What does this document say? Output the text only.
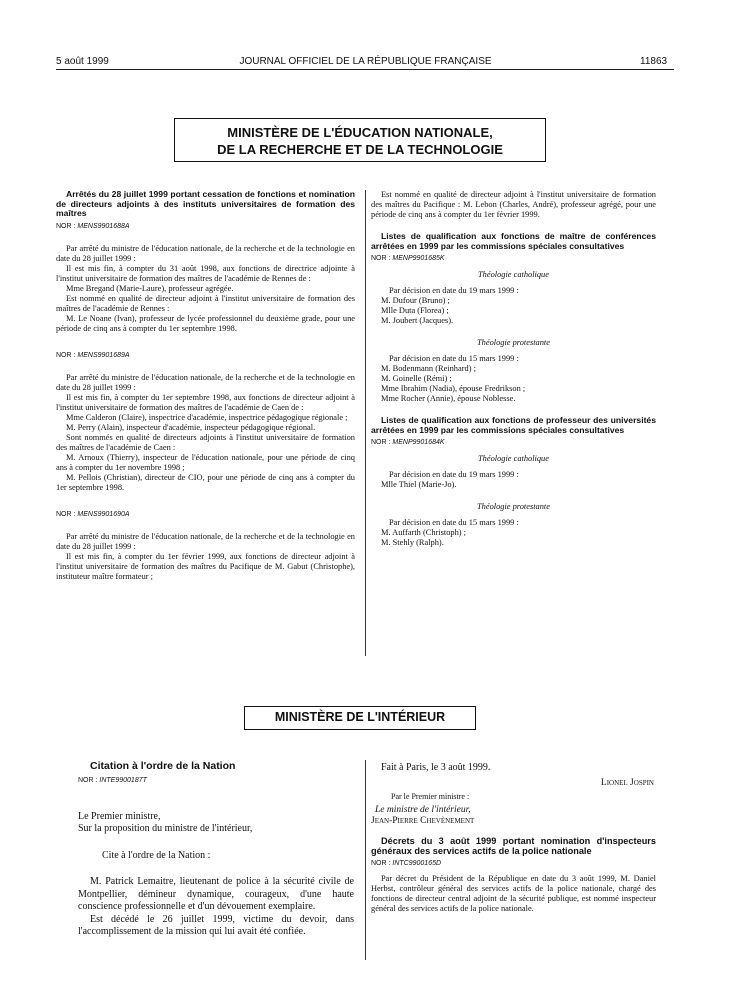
5 août 1999	JOURNAL OFFICIEL DE LA RÉPUBLIQUE FRANÇAISE	11863
MINISTÈRE DE L'ÉDUCATION NATIONALE,
DE LA RECHERCHE ET DE LA TECHNOLOGIE

Arrêtés du 28 juillet 1999 portant cessation de fonctions et nomination de directeurs adjoints à des instituts universitaires de formation des maîtres

NOR : MENS9901688A

Par arrêté du ministre de l'éducation nationale, de la recherche et de la technologie en date du 28 juillet 1999 :

Il est mis fin, à compter du 31 août 1998, aux fonctions de directrice adjointe à l'institut universitaire de formation des maîtres de l'académie de Rennes de :

Mme Bregand (Marie-Laure), professeur agrégée.

Est nommé en qualité de directeur adjoint à l'institut universitaire de formation des maîtres de l'académie de Rennes :

M. Le Noane (Ivan), professeur de lycée professionnel du deuxième grade, pour une période de cinq ans à compter du 1er septembre 1998.

NOR : MENS9901689A

Par arrêté du ministre de l'éducation nationale, de la recherche et de la technologie en date du 28 juillet 1999 :

Il est mis fin, à compter du 1er septembre 1998, aux fonctions de directeur adjoint à l'institut universitaire de formation des maîtres de l'académie de Caen de :

Mme Calderon (Claire), inspectrice d'académie, inspectrice pédagogique régionale ;

M. Perry (Alain), inspecteur d'académie, inspecteur pédagogique régional.

Sont nommés en qualité de directeurs adjoints à l'institut universitaire de formation des maîtres de l'académie de Caen :

M. Arnoux (Thierry), inspecteur de l'éducation nationale, pour une période de cinq ans à compter du 1er novembre 1998 ;

M. Pellois (Christian), directeur de CIO, pour une période de cinq ans à compter du 1er septembre 1998.

NOR : MENS9901690A

Par arrêté du ministre de l'éducation nationale, de la recherche et de la technologie en date du 28 juillet 1999 :

Il est mis fin, à compter du 1er février 1999, aux fonctions de directeur adjoint à l'institut universitaire de formation des maîtres du Pacifique de M. Gabut (Christophe), instituteur maître formateur ;

Est nommé en qualité de directeur adjoint à l'institut universitaire de formation des maîtres du Pacifique : M. Lebon (Charles, André), professeur agrégé, pour une période de cinq ans à compter du 1er février 1999.

Listes de qualification aux fonctions de maître de conférences arrêtées en 1999 par les commissions spéciales consultatives

NOR : MENP9901685K

Théologie catholique

Par décision en date du 19 mars 1999 :

M. Dufour (Bruno) ;

Mlle Duta (Florea) ;

M. Joubert (Jacques).

Théologie protestante

Par décision en date du 15 mars 1999 :

M. Bodenmann (Reinhard) ;

M. Goinelle (Rémi) ;

Mme Ibrahim (Nadia), épouse Fredrikson ;

Mme Rocher (Annie), épouse Noblesse.

Listes de qualification aux fonctions de professeur des universités arrêtées en 1999 par les commissions spéciales consultatives

NOR : MENP9901684K

Théologie catholique

Par décision en date du 19 mars 1999 :

Mlle Thiel (Marie-Jo).

Théologie protestante

Par décision en date du 15 mars 1999 :

M. Auffarth (Christoph) ;

M. Stehly (Ralph).

MINISTÈRE DE L'INTÉRIEUR

Citation à l'ordre de la Nation

NOR : INTE9900187T

Le Premier ministre,

Sur la proposition du ministre de l'intérieur,

Cite à l'ordre de la Nation :

M. Patrick Lemaitre, lieutenant de police à la sécurité civile de Montpellier, démineur dynamique, courageux, d'une haute conscience professionnelle et d'un dévouement exemplaire.

Est décédé le 26 juillet 1999, victime du devoir, dans l'accomplissement de la mission qui lui avait été confiée.

Fait à Paris, le 3 août 1999.

Lionel Jospin

Par le Premier ministre :

Le ministre de l'intérieur,

Jean-Pierre Chevènement

Décrets du 3 août 1999 portant nomination d'inspecteurs généraux des services actifs de la police nationale

NOR : INTC9900165D

Par décret du Président de la République en date du 3 août 1999, M. Daniel Herbst, contrôleur général des services actifs de la police nationale, chargé des fonctions de directeur central adjoint de la sécurité publique, est nommé inspecteur général des services actifs de la police nationale.
